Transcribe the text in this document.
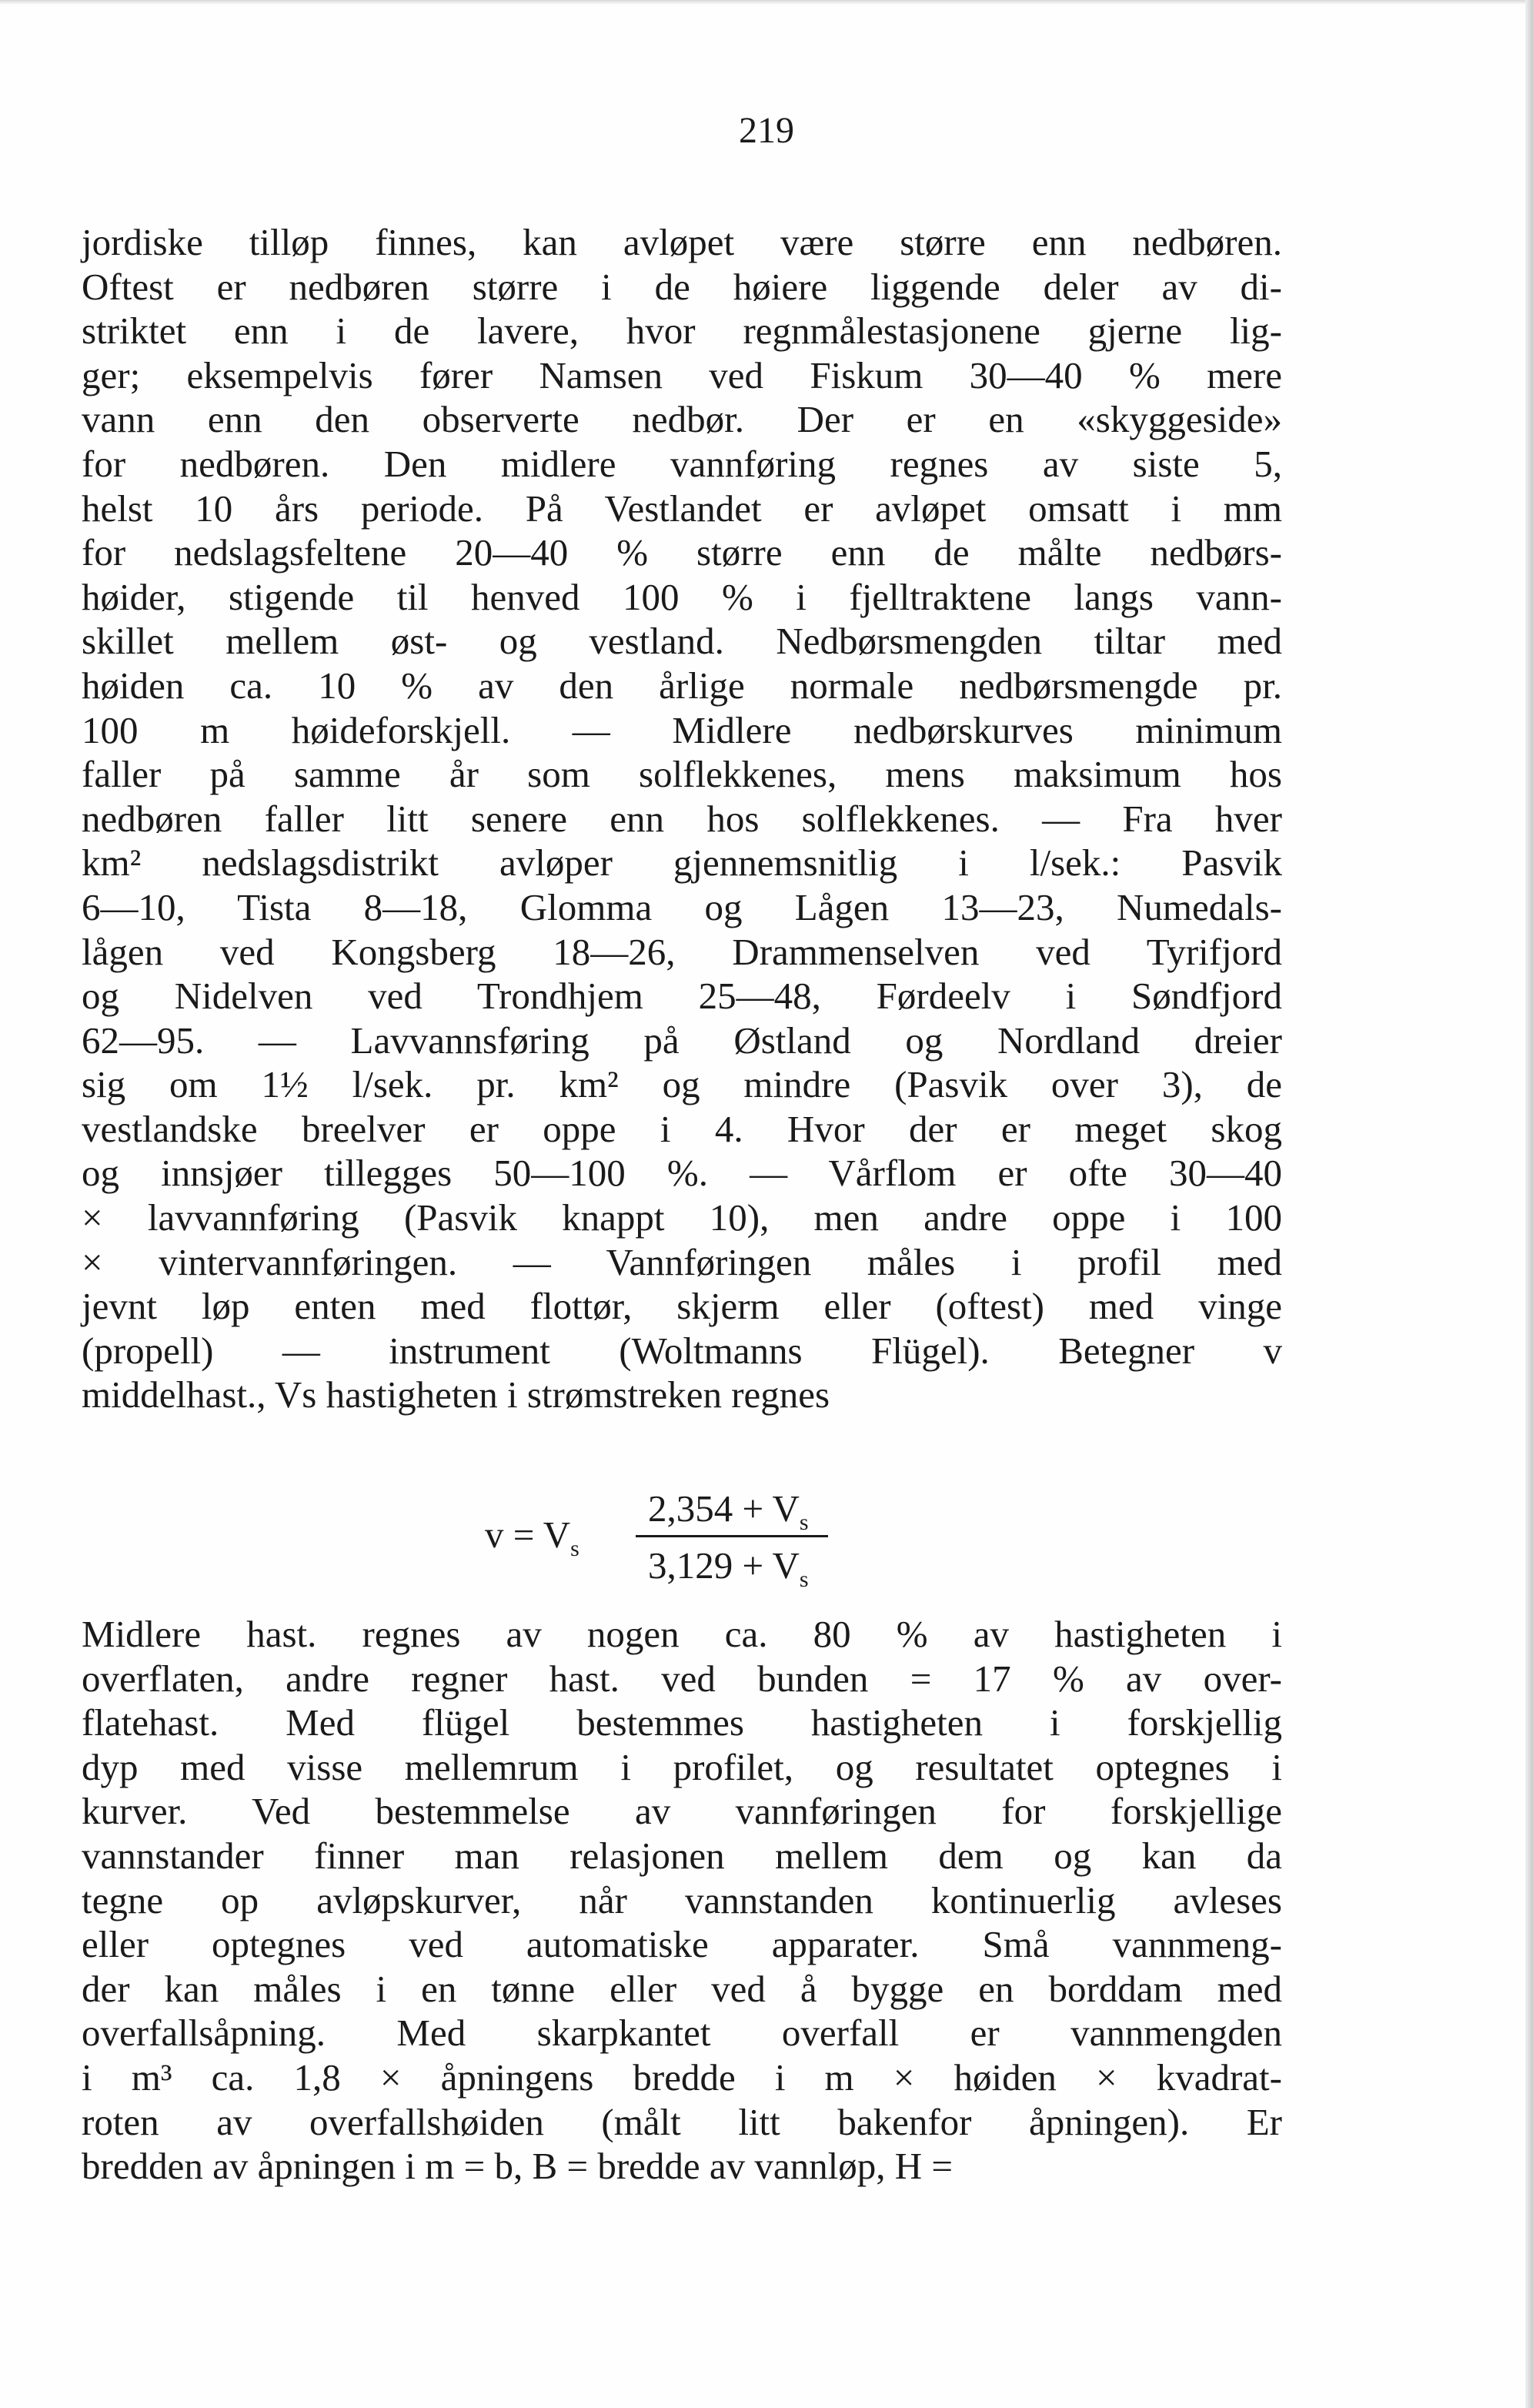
219
jordiske tilløp finnes, kan avløpet være større enn nedbøren.
Oftest er nedbøren større i de høiere liggende deler av di-
striktet enn i de lavere, hvor regnmålestasjonene gjerne lig-
ger; eksempelvis fører Namsen ved Fiskum 30—40 % mere
vann enn den observerte nedbør. Der er en «skyggeside»
for nedbøren. Den midlere vannføring regnes av siste 5,
helst 10 års periode. På Vestlandet er avløpet omsatt i mm
for nedslagsfeltene 20—40 % større enn de målte nedbørs-
høider, stigende til henved 100 % i fjelltraktene langs vann-
skillet mellem øst- og vestland. Nedbørsmengden tiltar med
høiden ca. 10 % av den årlige normale nedbørsmengde pr.
100 m høideforskjell. — Midlere nedbørskurves minimum
faller på samme år som solflekkenes, mens maksimum hos
nedbøren faller litt senere enn hos solflekkenes. — Fra hver
km² nedslagsdistrikt avløper gjennemsnitlig i l/sek.: Pasvik
6—10, Tista 8—18, Glomma og Lågen 13—23, Numedals-
lågen ved Kongsberg 18—26, Drammenselven ved Tyrifjord
og Nidelven ved Trondhjem 25—48, Førdeelv i Søndfjord
62—95. — Lavvannsføring på Østland og Nordland dreier
sig om 1½ l/sek. pr. km² og mindre (Pasvik over 3), de
vestlandske breelver er oppe i 4. Hvor der er meget skog
og innsjøer tillegges 50—100 %. — Vårflom er ofte 30—40
× lavvannføring (Pasvik knappt 10), men andre oppe i 100
× vintervannføringen. — Vannføringen måles i profil med
jevnt løp enten med flottør, skjerm eller (oftest) med vinge
(propell) — instrument (Woltmanns Flügel). Betegner v
middelhast., Vs hastigheten i strømstreken regnes
$v = V_s$
$2,354 + V_s$
$3,129 + V_s$
Midlere hast. regnes av nogen ca. 80 % av hastigheten i
overflaten, andre regner hast. ved bunden = 17 % av over-
flatehast. Med flügel bestemmes hastigheten i forskjellig
dyp med visse mellemrum i profilet, og resultatet optegnes i
kurver. Ved bestemmelse av vannføringen for forskjellige
vannstander finner man relasjonen mellem dem og kan da
tegne op avløpskurver, når vannstanden kontinuerlig avleses
eller optegnes ved automatiske apparater. Små vannmeng-
der kan måles i en tønne eller ved å bygge en borddam med
overfallsåpning. Med skarpkantet overfall er vannmengden
i m³ ca. 1,8 × åpningens bredde i m × høiden × kvadrat-
roten av overfallshøiden (målt litt bakenfor åpningen). Er
bredden av åpningen i m = b, B = bredde av vannløp, H =
